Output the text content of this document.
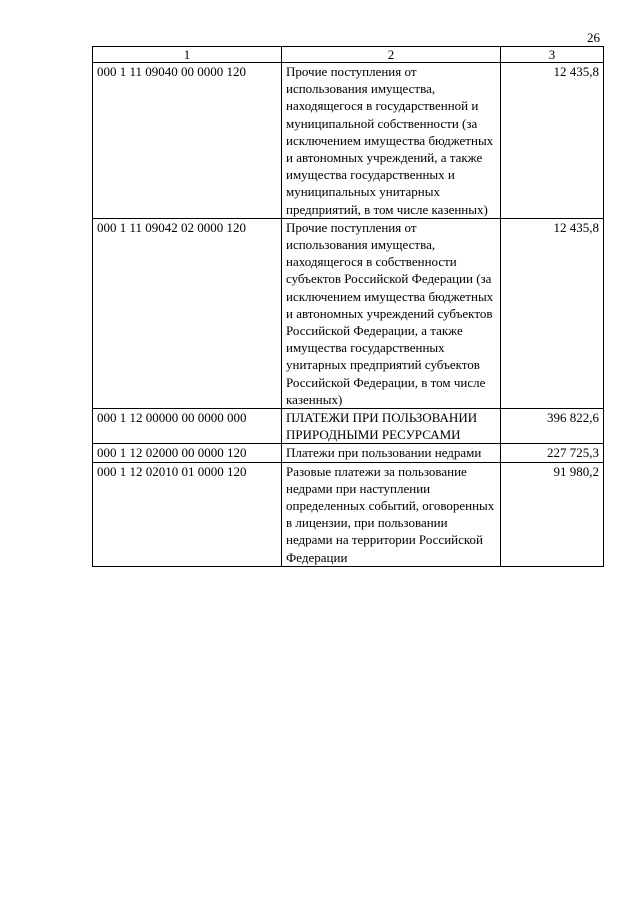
26
1	2	3
000 1 11 09040 00 0000 120	Прочие поступления от использования имущества, находящегося в государственной и муниципальной собственности (за исключением имущества бюджетных и автономных учреждений, а также имущества государственных и муниципальных унитарных предприятий, в том числе казенных)	12 435,8
000 1 11 09042 02 0000 120	Прочие поступления от использования имущества, находящегося в собственности субъектов Российской Федерации (за исключением имущества бюджетных и автономных учреждений субъектов Российской Федерации, а также имущества государственных унитарных предприятий субъектов Российской Федерации, в том числе казенных)	12 435,8
000 1 12 00000 00 0000 000	ПЛАТЕЖИ ПРИ ПОЛЬЗОВАНИИ ПРИРОДНЫМИ РЕСУРСАМИ	396 822,6
000 1 12 02000 00 0000 120	Платежи при пользовании недрами	227 725,3
000 1 12 02010 01 0000 120	Разовые платежи за пользование недрами при наступлении определенных событий, оговоренных в лицензии, при пользовании недрами на территории Российской Федерации	91 980,2
